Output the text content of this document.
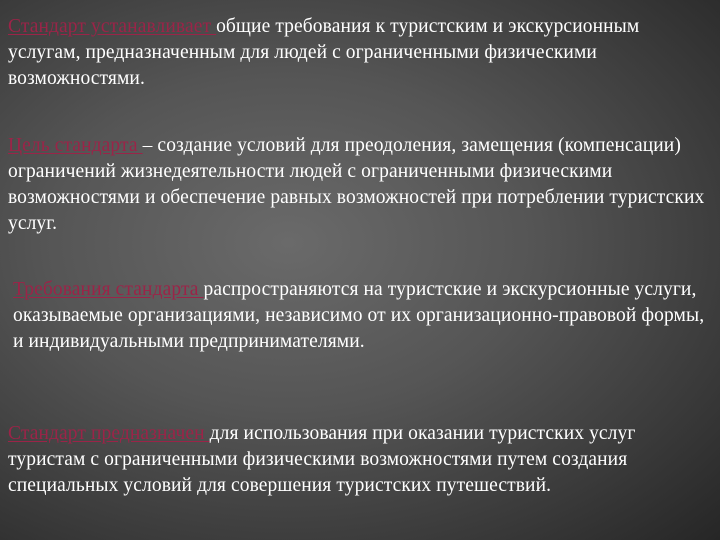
Стандарт устанавливает общие требования к туристским и экскурсионным услугам, предназначенным для людей с ограниченными физическими возможностями.

Цель стандарта – создание условий для преодоления, замещения (компенсации) ограничений жизнедеятельности людей с ограниченными физическими возможностями и обеспечение равных возможностей при потреблении туристских услуг.

Требования стандарта распространяются на туристские и экскурсионные услуги, оказываемые организациями, независимо от их организационно-правовой формы, и индивидуальными предпринимателями.

Стандарт предназначен для использования при оказании туристских услуг туристам с ограниченными физическими возможностями путем создания специальных условий для совершения туристских путешествий.
